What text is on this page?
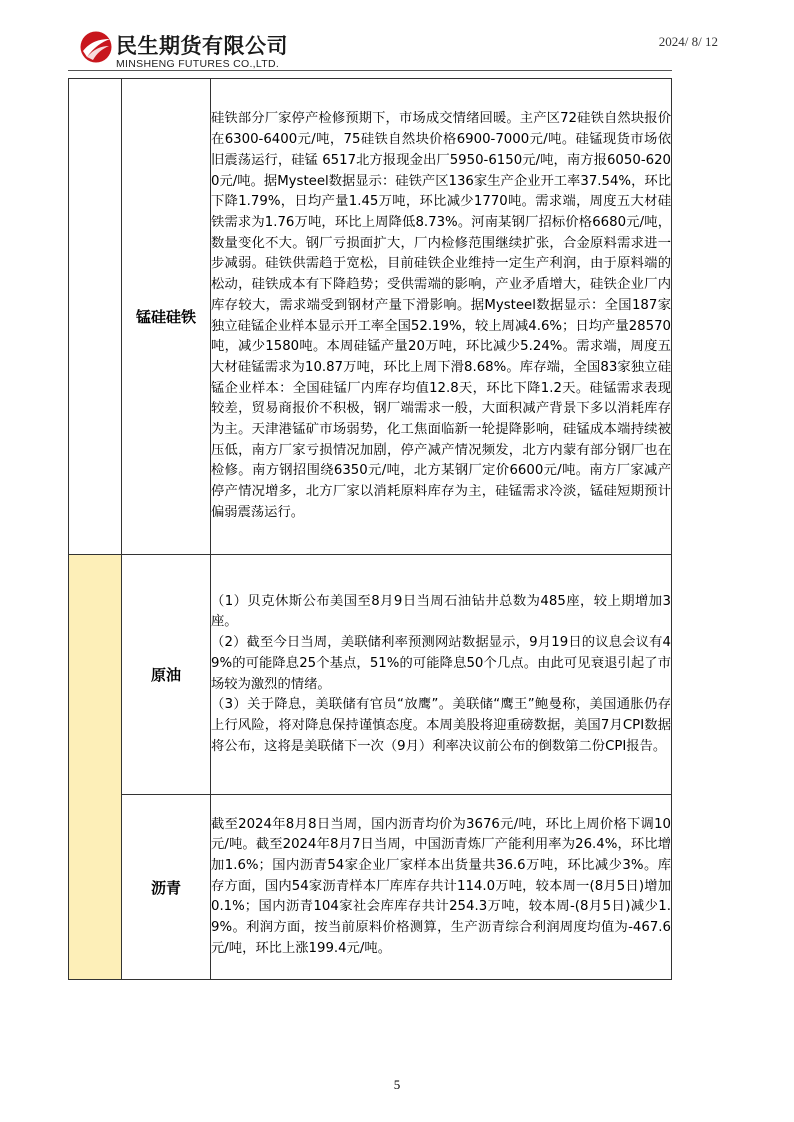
民生期货有限公司
MINSHENG FUTURES CO.,LTD.
2024/ 8/ 12
	锰硅硅铁	硅铁部分厂家停产检修预期下，市场成交情绪回暖。主产区72硅铁自然块报价在6300-6400元/吨，75硅铁自然块价格6900-7000元/吨。硅锰现货市场依旧震荡运行，硅锰 6517北方报现金出厂5950-6150元/吨，南方报6050-6200元/吨。据Mysteel数据显示：硅铁产区136家生产企业开工率37.54%，环比下降1.79%，日均产量1.45万吨，环比减少1770吨。需求端，周度五大材硅铁需求为1.76万吨，环比上周降低8.73%。河南某钢厂招标价格6680元/吨，数量变化不大。钢厂亏损面扩大，厂内检修范围继续扩张，合金原料需求进一步减弱。硅铁供需趋于宽松，目前硅铁企业维持一定生产利润，由于原料端的松动，硅铁成本有下降趋势；受供需端的影响，产业矛盾增大，硅铁企业厂内库存较大，需求端受到钢材产量下滑影响。据Mysteel数据显示：全国187家独立硅锰企业样本显示开工率全国52.19%，较上周减4.6%；日均产量28570吨，减少1580吨。本周硅锰产量20万吨，环比减少5.24%。需求端，周度五大材硅锰需求为10.87万吨，环比上周下滑8.68%。库存端，全国83家独立硅锰企业样本：全国硅锰厂内库存均值12.8天，环比下降1.2天。硅锰需求表现较差，贸易商报价不积极，钢厂端需求一般，大面积减产背景下多以消耗库存为主。天津港锰矿市场弱势，化工焦面临新一轮提降影响，硅锰成本端持续被压低，南方厂家亏损情况加剧，停产减产情况频发，北方内蒙有部分钢厂也在检修。南方钢招围绕6350元/吨，北方某钢厂定价6600元/吨。南方厂家减产停产情况增多，北方厂家以消耗原料库存为主，硅锰需求冷淡，锰硅短期预计偏弱震荡运行。

	原油	（1）贝克休斯公布美国至8月9日当周石油钻井总数为485座，较上期增加3座。

（2）截至今日当周，美联储利率预测网站数据显示，9月19日的议息会议有49%的可能降息25个基点，51%的可能降息50个几点。由此可见衰退引起了市场较为激烈的情绪。

（3）关于降息，美联储有官员“放鹰”。美联储“鹰王”鲍曼称，美国通胀仍存上行风险，将对降息保持谨慎态度。本周美股将迎重磅数据，美国7月CPI数据将公布，这将是美联储下一次（9月）利率决议前公布的倒数第二份CPI报告。

	沥青	截至2024年8月8日当周，国内沥青均价为3676元/吨，环比上周价格下调10元/吨。截至2024年8月7日当周，中国沥青炼厂产能利用率为26.4%，环比增加1.6%；国内沥青54家企业厂家样本出货量共36.6万吨，环比减少3%。库存方面，国内54家沥青样本厂库库存共计114.0万吨，较本周一(8月5日)增加0.1%；国内沥青104家社会库库存共计254.3万吨，较本周-(8月5日)减少1.9%。利润方面，按当前原料价格测算，生产沥青综合利润周度均值为-467.6元/吨，环比上涨199.4元/吨。

5
